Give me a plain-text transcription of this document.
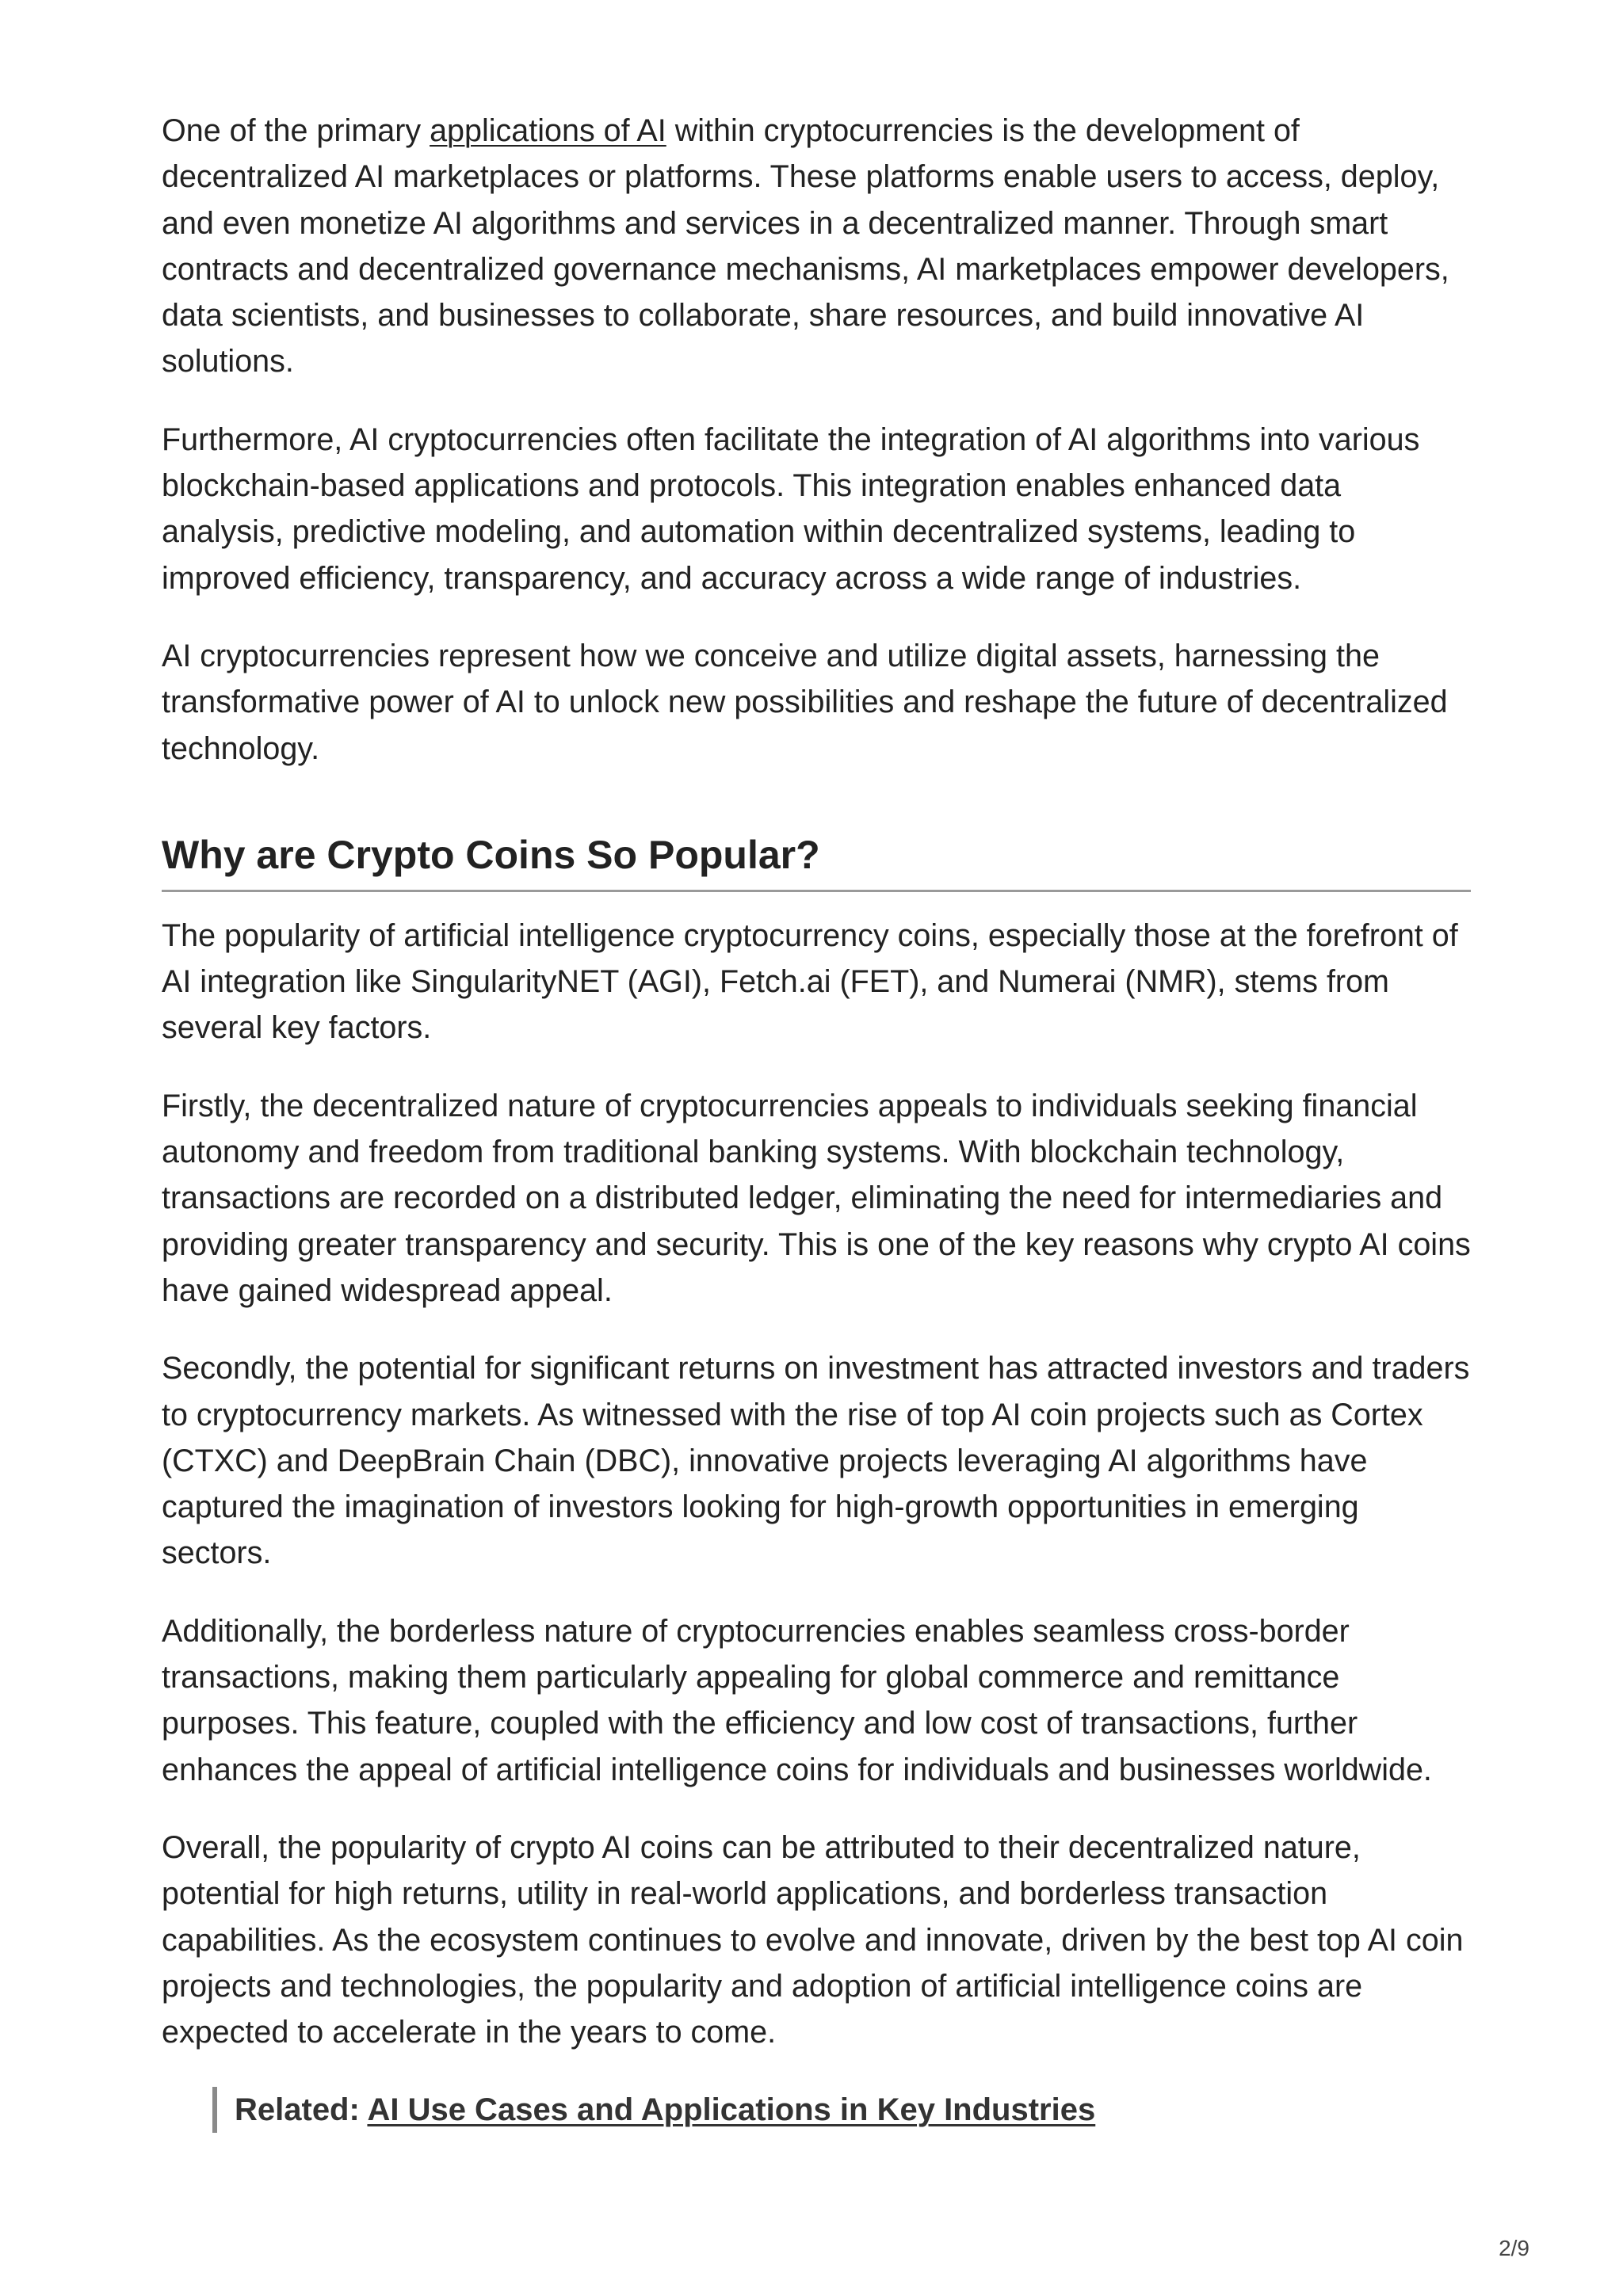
One of the primary applications of AI within cryptocurrencies is the development of decentralized AI marketplaces or platforms. These platforms enable users to access, deploy, and even monetize AI algorithms and services in a decentralized manner. Through smart contracts and decentralized governance mechanisms, AI marketplaces empower developers, data scientists, and businesses to collaborate, share resources, and build innovative AI solutions.

Furthermore, AI cryptocurrencies often facilitate the integration of AI algorithms into various blockchain-based applications and protocols. This integration enables enhanced data analysis, predictive modeling, and automation within decentralized systems, leading to improved efficiency, transparency, and accuracy across a wide range of industries.

AI cryptocurrencies represent how we conceive and utilize digital assets, harnessing the transformative power of AI to unlock new possibilities and reshape the future of decentralized technology.

Why are Crypto Coins So Popular?

The popularity of artificial intelligence cryptocurrency coins, especially those at the forefront of AI integration like SingularityNET (AGI), Fetch.ai (FET), and Numerai (NMR), stems from several key factors.

Firstly, the decentralized nature of cryptocurrencies appeals to individuals seeking financial autonomy and freedom from traditional banking systems. With blockchain technology, transactions are recorded on a distributed ledger, eliminating the need for intermediaries and providing greater transparency and security. This is one of the key reasons why crypto AI coins have gained widespread appeal.

Secondly, the potential for significant returns on investment has attracted investors and traders to cryptocurrency markets. As witnessed with the rise of top AI coin projects such as Cortex (CTXC) and DeepBrain Chain (DBC), innovative projects leveraging AI algorithms have captured the imagination of investors looking for high-growth opportunities in emerging sectors.

Additionally, the borderless nature of cryptocurrencies enables seamless cross-border transactions, making them particularly appealing for global commerce and remittance purposes. This feature, coupled with the efficiency and low cost of transactions, further enhances the appeal of artificial intelligence coins for individuals and businesses worldwide.

Overall, the popularity of crypto AI coins can be attributed to their decentralized nature, potential for high returns, utility in real-world applications, and borderless transaction capabilities. As the ecosystem continues to evolve and innovate, driven by the best top AI coin projects and technologies, the popularity and adoption of artificial intelligence coins are expected to accelerate in the years to come.

Related: AI Use Cases and Applications in Key Industries
2/9
